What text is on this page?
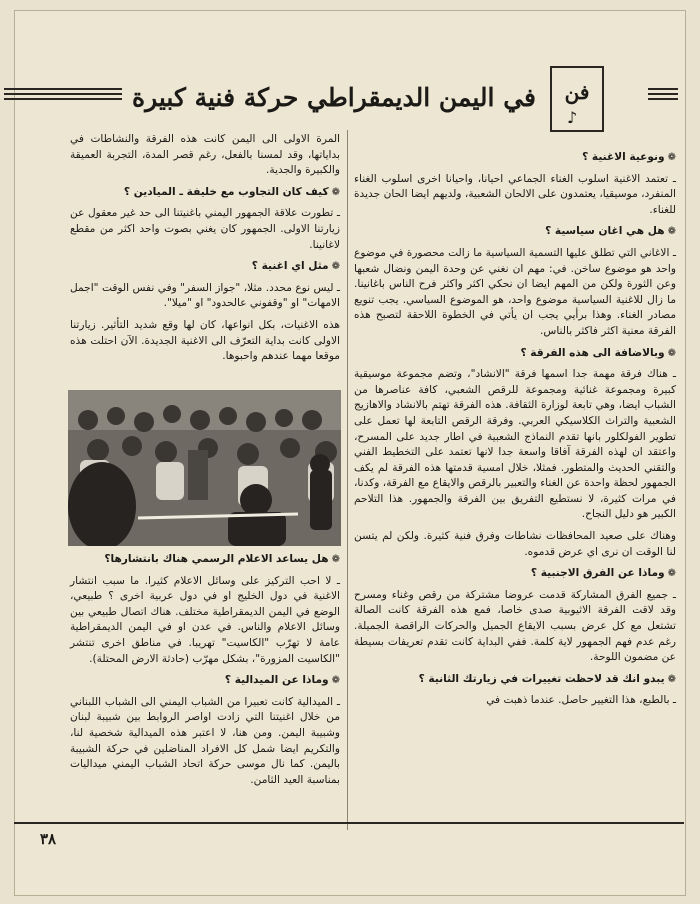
في اليمن الديمقراطي حركة فنية كبيرة	فن
♪

❁ونوعية الاغنية ؟

ـ تعتمد الاغنية اسلوب الغناء الجماعي احيانا، واحيانا اخرى اسلوب الغناء المنفرد، موسيقيا، يعتمدون على الالحان الشعبية، ولديهم ايضا الحان جديدة للغناء.

❁هل هي اغان سياسية ؟

ـ الاغاني التي تطلق عليها التسمية السياسية ما زالت محصورة في موضوع واحد هو موضوع ساخن. في: مهم ان نغني عن وحدة اليمن ونضال شعبها وعن الثورة ولكن من المهم ايضا ان نحكي اكثر واكثر فرح الناس باغانينا. ما زال للاغنية السياسية موضوع واحد، هو الموضوع السياسي. يجب تنويع مصادر الغناء. وهذا برأيي يجب ان يأتي في الخطوة اللاحقة لتصبح هذه الفرقة معنية اكثر فاكثر بالناس.

❁وبالاضافة الى هذه الفرقة ؟

ـ هناك فرقة مهمة جدا اسمها فرقة "الانشاد"، وتضم مجموعة موسيقية كبيرة ومجموعة غنائية ومجموعة للرقص الشعبي، كافة عناصرها من الشباب ايضا، وهي تابعة لوزارة الثقافة. هذه الفرقة تهتم بالانشاد والاهازيج الشعبية والتراث الكلاسيكي العربي. وفرقة الرقص التابعة لها تعمل على تطوير الفولكلور بانها تقدم النماذج الشعبية في اطار جديد على المسرح، واعتقد ان لهذه الفرقة آفاقا واسعة جدا لانها تعتمد على التخطيط الفني والتقني الحديث والمتطور. فمثلا، خلال امسية قدمتها هذه الفرقة لم يكف الجمهور لحظة واحدة عن الغناء والتعبير بالرقص والايقاع مع الفرقة، وكدنا، في مرات كثيرة، لا نستطيع التفريق بين الفرقة والجمهور. هذا التلاحم الكبير هو دليل النجاح.

وهناك على صعيد المحافظات نشاطات وفرق فنية كثيرة. ولكن لم يتسن لنا الوقت ان نرى اي عرض قدموه.

❁وماذا عن الفرق الاجنبية ؟

ـ جميع الفرق المشاركة قدمت عروضا مشتركة من رقص وغناء ومسرح وقد لاقت الفرقة الاثيوبية صدى خاصا، فمع هذه الفرقة كانت الصالة تشتعل مع كل عرض بسبب الايقاع الجميل والحركات الراقصة الجميلة. رغم عدم فهم الجمهور لاية كلمة. ففي البداية كانت تقدم تعريفات بسيطة عن مضمون اللوحة.

❁يبدو انك قد لاحظت تغييرات في زيارتك الثانية ؟

ـ بالطبع، هذا التغيير حاصل. عندما ذهبت في

المرة الاولى الى اليمن كانت هذه الفرقة والنشاطات في بداياتها، وقد لمسنا بالفعل، رغم قصر المدة، التجربة العميقة والكبيرة والجدية.

❁كيف كان التجاوب مع خليفة ـ الميادين ؟

ـ تطورت علاقة الجمهور اليمني باغنيتنا الى حد غير معقول عن زيارتنا الاولى. الجمهور كان يغني بصوت واحد اكثر من مقطع لاغانينا.

❁مثل اي اغنية ؟

ـ ليس نوع محدد. مثلا، "جواز السفر" وفي نفس الوقت "اجمل الامهات" او "وقفوني عالحدود" او "ميلا".

هذه الاغنيات، بكل انواعها، كان لها وقع شديد التأثير. زيارتنا الاولى كانت بداية التعرّف الى الاغنية الجديدة. الآن احتلت هذه موقعا مهما عندهم واحبوها.

❁هل يساعد الاعلام الرسمي هناك بانتشارها؟

ـ لا احب التركيز على وسائل الاعلام كثيرا. ما سبب انتشار الاغنية في دول الخليج او في دول عربية اخرى ؟ طبيعي، الوضع في اليمن الديمقراطية مختلف. هناك اتصال طبيعي بين وسائل الاعلام والناس. في عدن او في اليمن الديمقراطية عامة لا تهرّب "الكاسيت" تهريبا. في مناطق اخرى تنتشر "الكاسيت المزورة"، بشكل مهرّب (حادثة الارض المحتلة).

❁وماذا عن الميدالية ؟

ـ الميدالية كانت تعبيرا من الشباب اليمني الى الشباب اللبناني من خلال اغنيتنا التي زادت اواصر الروابط بين شبيبة لبنان وشبيبة اليمن. ومن هنا، لا اعتبر هذه الميدالية شخصية لنا، والتكريم ايضا شمل كل الافراد المناضلين في حركة الشبيبة باليمن. كما نال موسى حركة اتحاد الشباب اليمني ميداليات بمناسبة العيد الثامن.

٣٨
